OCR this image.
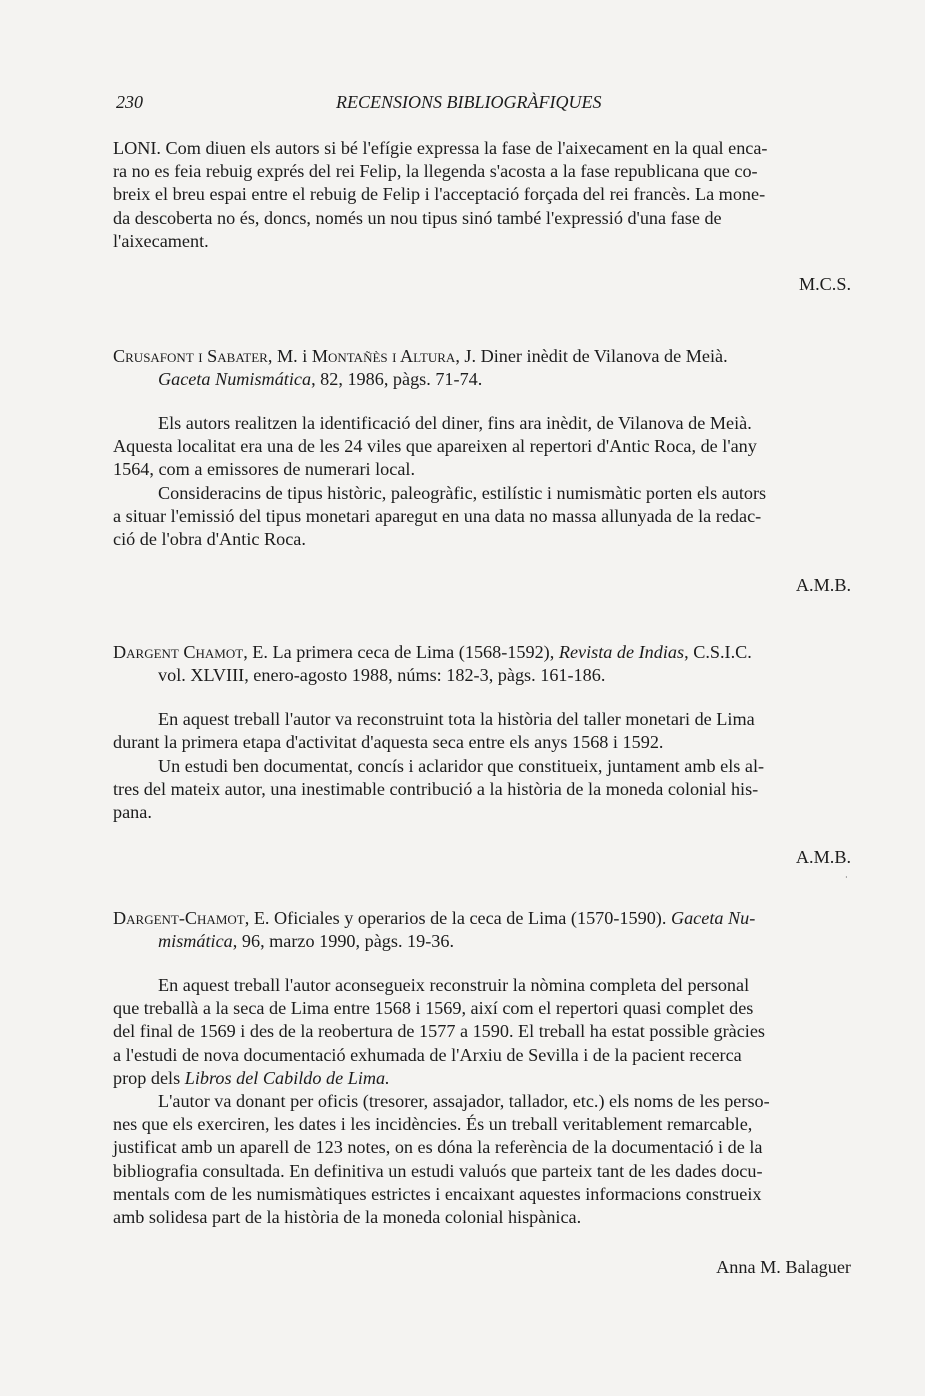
230	RECENSIONS BIBLIOGRÀFIQUES
LONI. Com diuen els autors si bé l'efígie expressa la fase de l'aixecament en la qual enca-
ra no es feia rebuig exprés del rei Felip, la llegenda s'acosta a la fase republicana que co-
breix el breu espai entre el rebuig de Felip i l'acceptació forçada del rei francès. La mone-
da descoberta no és, doncs, només un nou tipus sinó també l'expressió d'una fase de
l'aixecament.
M.C.S.
Crusafont i Sabater, M. i Montañès i Altura, J. Diner inèdit de Vilanova de Meià.
Gaceta Numismática, 82, 1986, pàgs. 71-74.
Els autors realitzen la identificació del diner, fins ara inèdit, de Vilanova de Meià.
Aquesta localitat era una de les 24 viles que apareixen al repertori d'Antic Roca, de l'any
1564, com a emissores de numerari local.
Consideracins de tipus històric, paleogràfic, estilístic i numismàtic porten els autors
a situar l'emissió del tipus monetari aparegut en una data no massa allunyada de la redac-
ció de l'obra d'Antic Roca.
A.M.B.
Dargent Chamot, E. La primera ceca de Lima (1568-1592), Revista de Indias, C.S.I.C.
vol. XLVIII, enero-agosto 1988, núms: 182-3, pàgs. 161-186.
En aquest treball l'autor va reconstruint tota la història del taller monetari de Lima
durant la primera etapa d'activitat d'aquesta seca entre els anys 1568 i 1592.
Un estudi ben documentat, concís i aclaridor que constitueix, juntament amb els al-
tres del mateix autor, una inestimable contribució a la història de la moneda colonial his-
pana.
A.M.B.
·
Dargent-Chamot, E. Oficiales y operarios de la ceca de Lima (1570-1590). Gaceta Nu-
mismática, 96, marzo 1990, pàgs. 19-36.
En aquest treball l'autor aconsegueix reconstruir la nòmina completa del personal
que treballà a la seca de Lima entre 1568 i 1569, així com el repertori quasi complet des
del final de 1569 i des de la reobertura de 1577 a 1590. El treball ha estat possible gràcies
a l'estudi de nova documentació exhumada de l'Arxiu de Sevilla i de la pacient recerca
prop dels Libros del Cabildo de Lima.
L'autor va donant per oficis (tresorer, assajador, tallador, etc.) els noms de les perso-
nes que els exerciren, les dates i les incidències. És un treball veritablement remarcable,
justificat amb un aparell de 123 notes, on es dóna la referència de la documentació i de la
bibliografia consultada. En definitiva un estudi valuós que parteix tant de les dades docu-
mentals com de les numismàtiques estrictes i encaixant aquestes informacions construeix
amb solidesa part de la història de la moneda colonial hispànica.
Anna M. Balaguer
